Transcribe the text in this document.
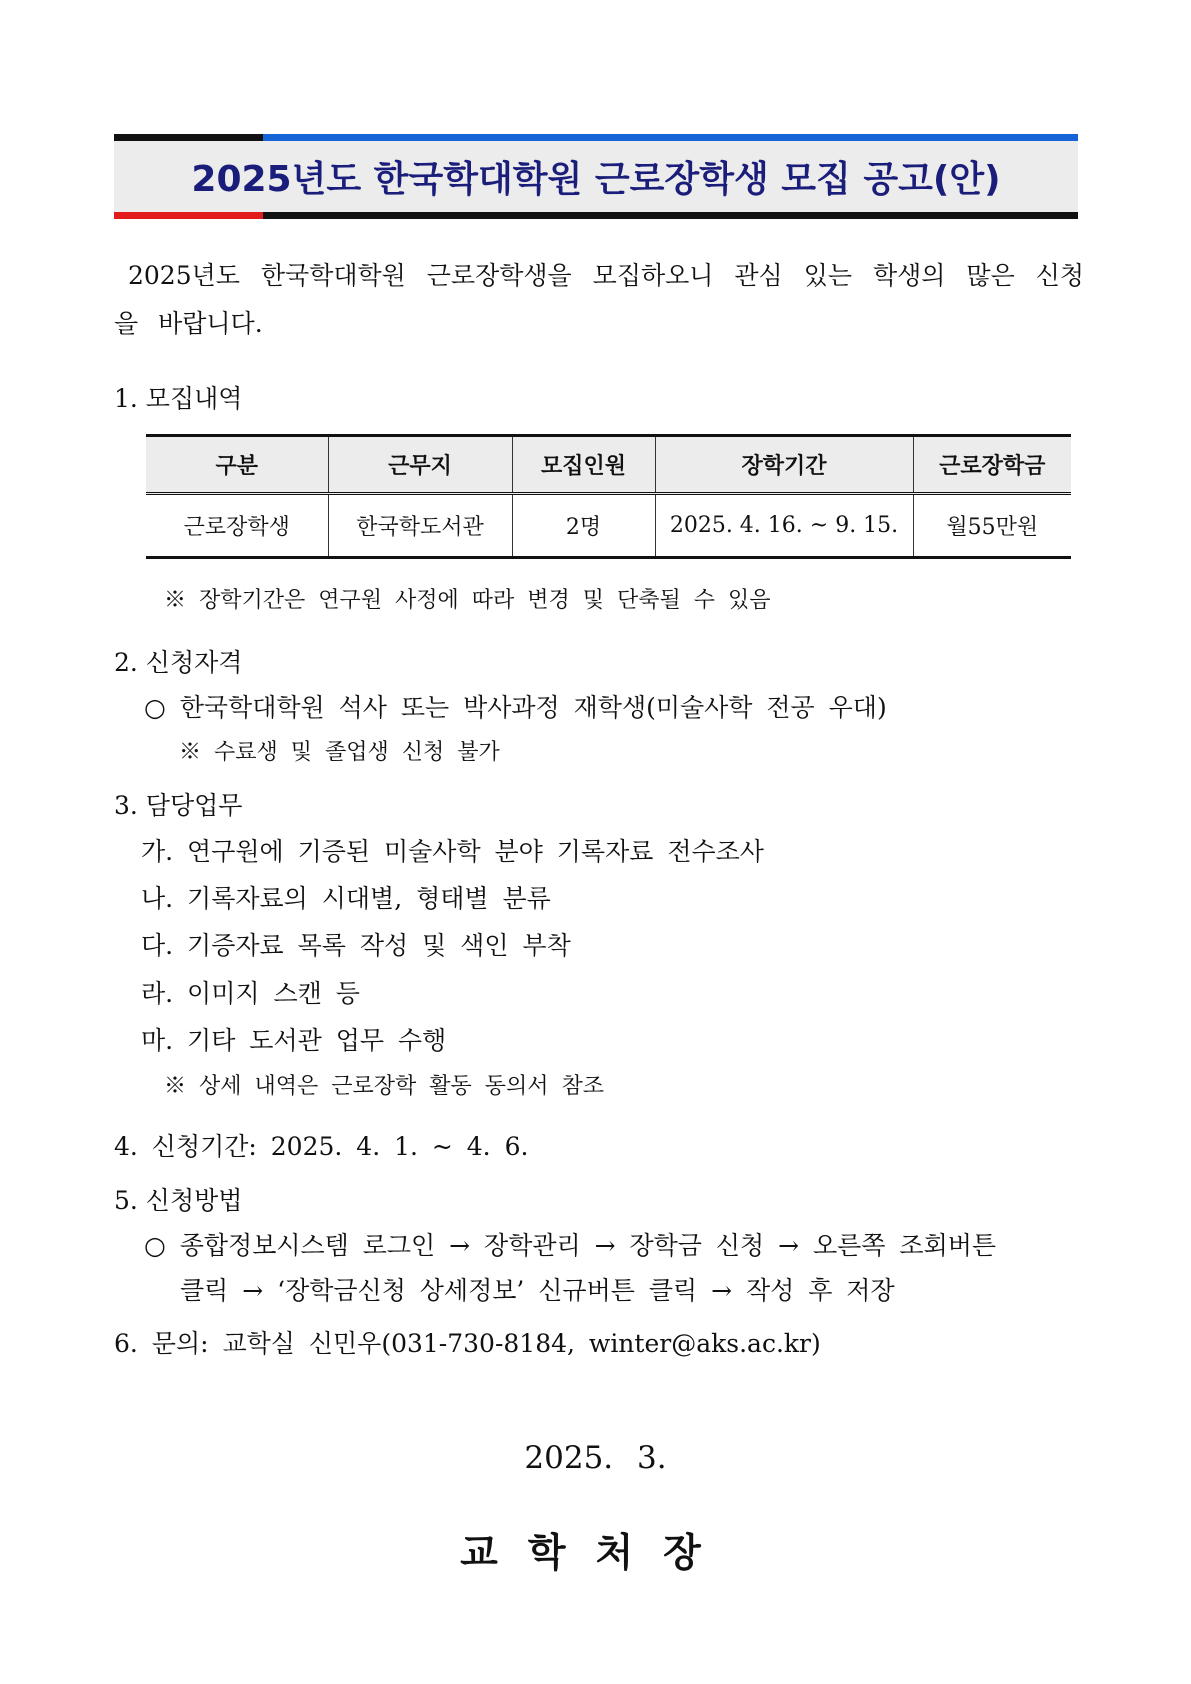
2025년도 한국학대학원 근로장학생 모집 공고(안)
2025년도 한국학대학원 근로장학생을 모집하오니 관심 있는 학생의 많은 신청을 바랍니다.
1. 모집내역
구분	근무지	모집인원	장학기간	근로장학금
근로장학생	한국학도서관	2명	2025. 4. 16. ~ 9. 15.	월55만원
※ 장학기간은 연구원 사정에 따라 변경 및 단축될 수 있음
2. 신청자격
○ 한국학대학원 석사 또는 박사과정 재학생(미술사학 전공 우대)
※ 수료생 및 졸업생 신청 불가
3. 담당업무
가. 연구원에 기증된 미술사학 분야 기록자료 전수조사
나. 기록자료의 시대별, 형태별 분류
다. 기증자료 목록 작성 및 색인 부착
라. 이미지 스캔 등
마. 기타 도서관 업무 수행
※ 상세 내역은 근로장학 활동 동의서 참조
4. 신청기간: 2025. 4. 1. ~ 4. 6.
5. 신청방법
○ 종합정보시스템 로그인 → 장학관리 → 장학금 신청 → 오른쪽 조회버튼
클릭 → ‘장학금신청 상세정보’ 신규버튼 클릭 → 작성 후 저장
6. 문의: 교학실 신민우(031-730-8184, winter@aks.ac.kr)
2025. 3.
교학처장
